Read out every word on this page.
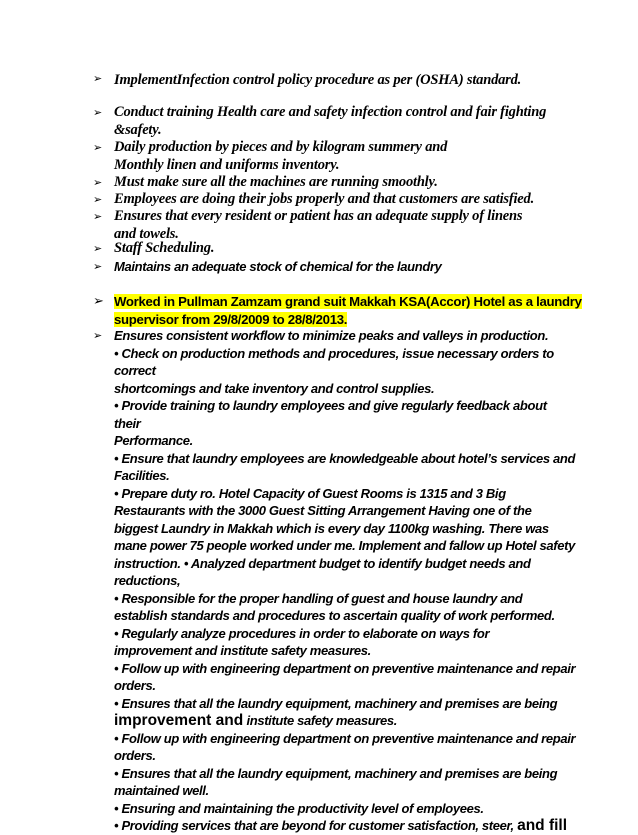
➢ ImplementInfection control policy procedure as per (OSHA) standard.
➢ Conduct training Health care and safety infection control and fair fighting
&safety.
➢ Daily production by pieces and by kilogram summery and
Monthly linen and uniforms inventory.
➢ Must make sure all the machines are running smoothly.
➢ Employees are doing their jobs properly and that customers are satisfied.
➢ Ensures that every resident or patient has an adequate supply of linens
and towels.
➢ Staff Scheduling.
➢ Maintains an adequate stock of chemical for the laundry
➢ Worked in Pullman Zamzam grand suit Makkah KSA(Accor) Hotel as a laundry
supervisor from 29/8/2009 to 28/8/2013.
➢ Ensures consistent workflow to minimize peaks and valleys in production.
• Check on production methods and procedures, issue necessary orders to
correct
shortcomings and take inventory and control supplies.
• Provide training to laundry employees and give regularly feedback about
their
Performance.
• Ensure that laundry employees are knowledgeable about hotel’s services and
Facilities.
• Prepare duty ro. Hotel Capacity of Guest Rooms is 1315 and 3 Big
Restaurants with the 3000 Guest Sitting Arrangement Having one of the
biggest Laundry in Makkah which is every day 1100kg washing. There was
mane power 75 people worked under me. Implement and fallow up Hotel safety
instruction. • Analyzed department budget to identify budget needs and
reductions,
• Responsible for the proper handling of guest and house laundry and
establish standards and procedures to ascertain quality of work performed.
• Regularly analyze procedures in order to elaborate on ways for
improvement and institute safety measures.
• Follow up with engineering department on preventive maintenance and repair
orders.
• Ensures that all the laundry equipment, machinery and premises are being
improvement and institute safety measures.
• Follow up with engineering department on preventive maintenance and repair
orders.
• Ensures that all the laundry equipment, machinery and premises are being
maintained well.
• Ensuring and maintaining the productivity level of employees.
• Providing services that are beyond for customer satisfaction, steer, and fill
